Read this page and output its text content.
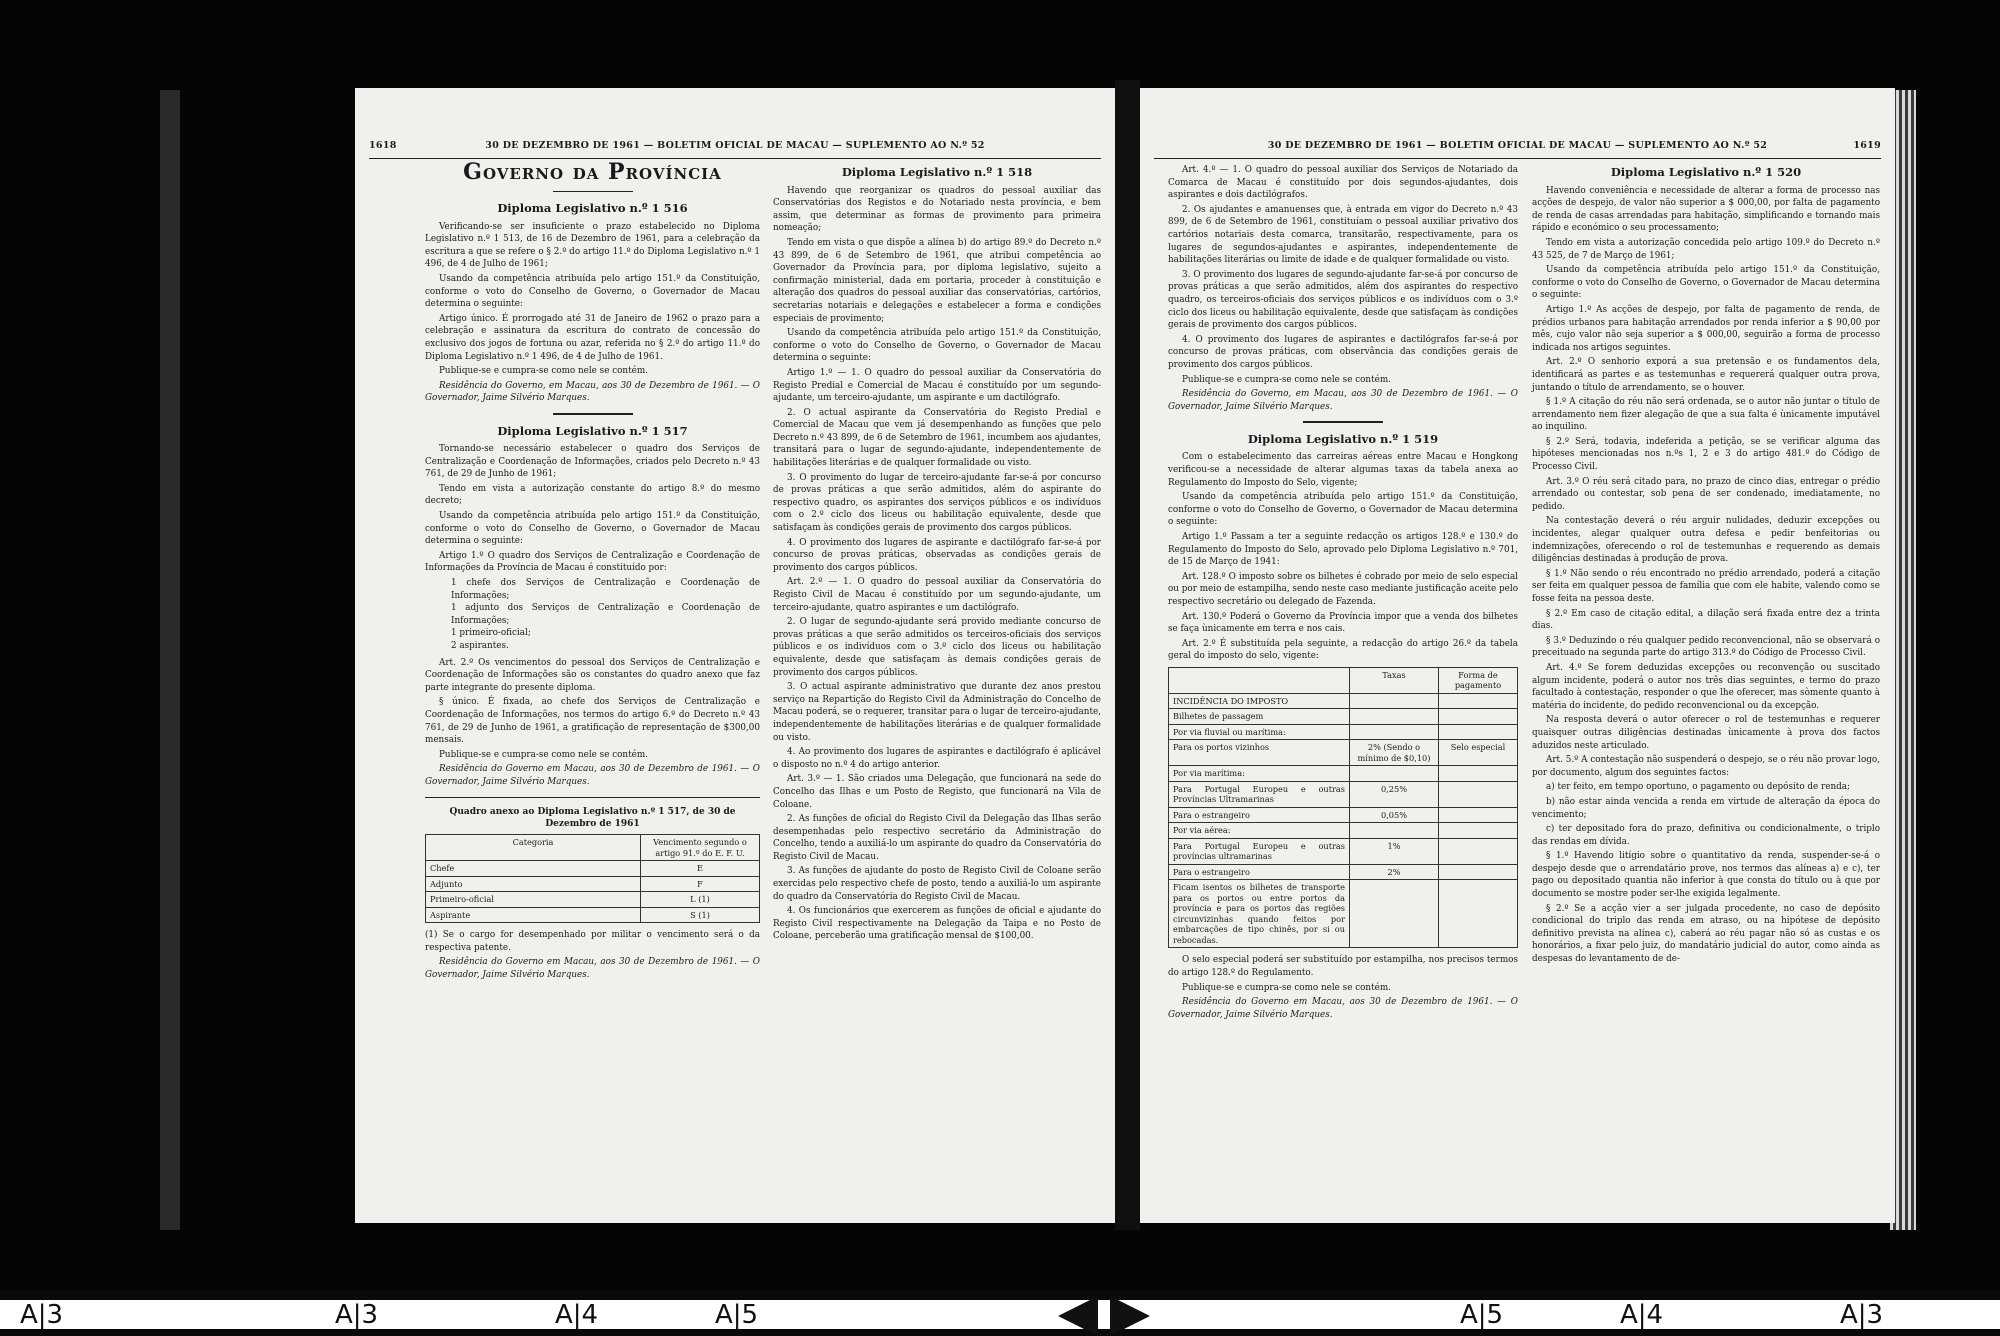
1618	30 DE DEZEMBRO DE 1961 — BOLETIM OFICIAL DE MACAU — SUPLEMENTO AO N.º 52
Governo da Província
Diploma Legislativo n.º 1 516

Verificando-se ser insuficiente o prazo estabelecido no Diploma Legislativo n.º 1 513, de 16 de Dezembro de 1961, para a celebração da escritura a que se refere o § 2.º do artigo 11.º do Diploma Legislativo n.º 1 496, de 4 de Julho de 1961;

Usando da competência atribuída pelo artigo 151.º da Constituição, conforme o voto do Conselho de Governo, o Governador de Macau determina o seguinte:

Artigo único. É prorrogado até 31 de Janeiro de 1962 o prazo para a celebração e assinatura da escritura do contrato de concessão do exclusivo dos jogos de fortuna ou azar, referida no § 2.º do artigo 11.º do Diploma Legislativo n.º 1 496, de 4 de Julho de 1961.

Publique-se e cumpra-se como nele se contém.

Residência do Governo, em Macau, aos 30 de Dezembro de 1961. — O Governador, Jaime Silvério Marques.

Diploma Legislativo n.º 1 517

Tornando-se necessário estabelecer o quadro dos Serviços de Centralização e Coordenação de Informações, criados pelo Decreto n.º 43 761, de 29 de Junho de 1961;

Tendo em vista a autorização constante do artigo 8.º do mesmo decreto;

Usando da competência atribuída pelo artigo 151.º da Constituição, conforme o voto do Conselho de Governo, o Governador de Macau determina o seguinte:

Artigo 1.º O quadro dos Serviços de Centralização e Coordenação de Informações da Província de Macau é constituído por:

1 chefe dos Serviços de Centralização e Coordenação de Informações;
1 adjunto dos Serviços de Centralização e Coordenação de Informações;
1 primeiro-oficial;
2 aspirantes.

Art. 2.º Os vencimentos do pessoal dos Serviços de Centralização e Coordenação de Informações são os constantes do quadro anexo que faz parte integrante do presente diploma.

§ único. É fixada, ao chefe dos Serviços de Centralização e Coordenação de Informações, nos termos do artigo 6.º do Decreto n.º 43 761, de 29 de Junho de 1961, a gratificação de representação de $300,00 mensais.

Publique-se e cumpra-se como nele se contém.

Residência do Governo em Macau, aos 30 de Dezembro de 1961. — O Governador, Jaime Silvério Marques.

Quadro anexo ao Diploma Legislativo n.º 1 517, de 30 de Dezembro de 1961
Categoria	Vencimento segundo o artigo 91.º do E. F. U.
Chefe	E
Adjunto	F
Primeiro-oficial	L (1)
Aspirante	S (1)

(1) Se o cargo for desempenhado por militar o vencimento será o da respectiva patente.

Residência do Governo em Macau, aos 30 de Dezembro de 1961. — O Governador, Jaime Silvério Marques.

Diploma Legislativo n.º 1 518

Havendo que reorganizar os quadros do pessoal auxiliar das Conservatórias dos Registos e do Notariado nesta província, e bem assim, que determinar as formas de provimento para primeira nomeação;

Tendo em vista o que dispõe a alínea b) do artigo 89.º do Decreto n.º 43 899, de 6 de Setembro de 1961, que atribui competência ao Governador da Província para, por diploma legislativo, sujeito a confirmação ministerial, dada em portaria, proceder à constituição e alteração dos quadros do pessoal auxiliar das conservatórias, cartórios, secretarias notariais e delegações e estabelecer a forma e condições especiais de provimento;

Usando da competência atribuída pelo artigo 151.º da Constituição, conforme o voto do Conselho de Governo, o Governador de Macau determina o seguinte:

Artigo 1.º — 1. O quadro do pessoal auxiliar da Conservatória do Registo Predial e Comercial de Macau é constituído por um segundo-ajudante, um terceiro-ajudante, um aspirante e um dactilógrafo.

2. O actual aspirante da Conservatória do Registo Predial e Comercial de Macau que vem já desempenhando as funções que pelo Decreto n.º 43 899, de 6 de Setembro de 1961, incumbem aos ajudantes, transitará para o lugar de segundo-ajudante, independentemente de habilitações literárias e de qualquer formalidade ou visto.

3. O provimento do lugar de terceiro-ajudante far-se-á por concurso de provas práticas a que serão admitidos, além do aspirante do respectivo quadro, os aspirantes dos serviços públicos e os indivíduos com o 2.º ciclo dos liceus ou habilitação equivalente, desde que satisfaçam às condições gerais de provimento dos cargos públicos.

4. O provimento dos lugares de aspirante e dactilógrafo far-se-á por concurso de provas práticas, observadas as condições gerais de provimento dos cargos públicos.

Art. 2.º — 1. O quadro do pessoal auxiliar da Conservatória do Registo Civil de Macau é constituído por um segundo-ajudante, um terceiro-ajudante, quatro aspirantes e um dactilógrafo.

2. O lugar de segundo-ajudante será provido mediante concurso de provas práticas a que serão admitidos os terceiros-oficiais dos serviços públicos e os indivíduos com o 3.º ciclo dos liceus ou habilitação equivalente, desde que satisfaçam às demais condições gerais de provimento dos cargos públicos.

3. O actual aspirante administrativo que durante dez anos prestou serviço na Repartição do Registo Civil da Administração do Concelho de Macau poderá, se o requerer, transitar para o lugar de terceiro-ajudante, independentemente de habilitações literárias e de qualquer formalidade ou visto.

4. Ao provimento dos lugares de aspirantes e dactilógrafo é aplicável o disposto no n.º 4 do artigo anterior.

Art. 3.º — 1. São criados uma Delegação, que funcionará na sede do Concelho das Ilhas e um Posto de Registo, que funcionará na Vila de Coloane.

2. As funções de oficial do Registo Civil da Delegação das Ilhas serão desempenhadas pelo respectivo secretário da Administração do Concelho, tendo a auxiliá-lo um aspirante do quadro da Conservatória do Registo Civil de Macau.

3. As funções de ajudante do posto de Registo Civil de Coloane serão exercidas pelo respectivo chefe de posto, tendo a auxiliá-lo um aspirante do quadro da Conservatória do Registo Civil de Macau.

4. Os funcionários que exercerem as funções de oficial e ajudante do Registo Civil respectivamente na Delegação da Taipa e no Posto de Coloane, perceberão uma gratificação mensal de $100,00.

30 DE DEZEMBRO DE 1961 — BOLETIM OFICIAL DE MACAU — SUPLEMENTO AO N.º 52	1619

Art. 4.º — 1. O quadro do pessoal auxiliar dos Serviços de Notariado da Comarca de Macau é constituído por dois segundos-ajudantes, dois aspirantes e dois dactilógrafos.

2. Os ajudantes e amanuenses que, à entrada em vigor do Decreto n.º 43 899, de 6 de Setembro de 1961, constituíam o pessoal auxiliar privativo dos cartórios notariais desta comarca, transitarão, respectivamente, para os lugares de segundos-ajudantes e aspirantes, independentemente de habilitações literárias ou limite de idade e de qualquer formalidade ou visto.

3. O provimento dos lugares de segundo-ajudante far-se-á por concurso de provas práticas a que serão admitidos, além dos aspirantes do respectivo quadro, os terceiros-oficiais dos serviços públicos e os indivíduos com o 3.º ciclo dos liceus ou habilitação equivalente, desde que satisfaçam às condições gerais de provimento dos cargos públicos.

4. O provimento dos lugares de aspirantes e dactilógrafos far-se-á por concurso de provas práticas, com observância das condições gerais de provimento dos cargos públicos.

Publique-se e cumpra-se como nele se contém.

Residência do Governo, em Macau, aos 30 de Dezembro de 1961. — O Governador, Jaime Silvério Marques.

Diploma Legislativo n.º 1 519

Com o estabelecimento das carreiras aéreas entre Macau e Hongkong verificou-se a necessidade de alterar algumas taxas da tabela anexa ao Regulamento do Imposto do Selo, vigente;

Usando da competência atribuída pelo artigo 151.º da Constituição, conforme o voto do Conselho de Governo, o Governador de Macau determina o seguinte:

Artigo 1.º Passam a ter a seguinte redacção os artigos 128.º e 130.º do Regulamento do Imposto do Selo, aprovado pelo Diploma Legislativo n.º 701, de 15 de Março de 1941:

Art. 128.º O imposto sobre os bilhetes é cobrado por meio de selo especial ou por meio de estampilha, sendo neste caso mediante justificação aceite pelo respectivo secretário ou delegado de Fazenda.

Art. 130.º Poderá o Governo da Província impor que a venda dos bilhetes se faça ùnicamente em terra e nos cais.

Art. 2.º É substituída pela seguinte, a redacção do artigo 26.º da tabela geral do imposto do selo, vigente:

	Taxas	Forma de pagamento
INCIDÊNCIA DO IMPOSTO		
Bilhetes de passagem		
Por via fluvial ou marítima:		
Para os portos vizinhos	2% (Sendo o mínimo de $0,10)	Selo especial
Por via marítima:		
Para Portugal Europeu e outras Províncias Ultramarinas	0,25%	
Para o estrangeiro	0,05%	
Por via aérea:		
Para Portugal Europeu e outras províncias ultramarinas	1%	
Para o estrangeiro	2%	
Ficam isentos os bilhetes de transporte para os portos ou entre portos da província e para os portos das regiões circunvizinhas quando feitos por embarcações de tipo chinês, por si ou rebocadas.		

O selo especial poderá ser substituído por estampilha, nos precisos termos do artigo 128.º do Regulamento.

Publique-se e cumpra-se como nele se contém.

Residência do Governo em Macau, aos 30 de Dezembro de 1961. — O Governador, Jaime Silvério Marques.

Diploma Legislativo n.º 1 520

Havendo conveniência e necessidade de alterar a forma de processo nas acções de despejo, de valor não superior a $ 000,00, por falta de pagamento de renda de casas arrendadas para habitação, simplificando e tornando mais rápido e económico o seu processamento;

Tendo em vista a autorização concedida pelo artigo 109.º do Decreto n.º 43 525, de 7 de Março de 1961;

Usando da competência atribuída pelo artigo 151.º da Constituição, conforme o voto do Conselho de Governo, o Governador de Macau determina o seguinte:

Artigo 1.º As acções de despejo, por falta de pagamento de renda, de prédios urbanos para habitação arrendados por renda inferior a $ 90,00 por mês, cujo valor não seja superior a $ 000,00, seguirão a forma de processo indicada nos artigos seguintes.

Art. 2.º O senhorio exporá a sua pretensão e os fundamentos dela, identificará as partes e as testemunhas e requererá qualquer outra prova, juntando o título de arrendamento, se o houver.

§ 1.º A citação do réu não será ordenada, se o autor não juntar o título de arrendamento nem fizer alegação de que a sua falta é ùnicamente imputável ao inquilino.

§ 2.º Será, todavia, indeferida a petição, se se verificar alguma das hipóteses mencionadas nos n.ºs 1, 2 e 3 do artigo 481.º do Código de Processo Civil.

Art. 3.º O réu será citado para, no prazo de cinco dias, entregar o prédio arrendado ou contestar, sob pena de ser condenado, imediatamente, no pedido.

Na contestação deverá o réu arguir nulidades, deduzir excepções ou incidentes, alegar qualquer outra defesa e pedir benfeitorias ou indemnizações, oferecendo o rol de testemunhas e requerendo as demais diligências destinadas à produção de prova.

§ 1.º Não sendo o réu encontrado no prédio arrendado, poderá a citação ser feita em qualquer pessoa de família que com ele habite, valendo como se fosse feita na pessoa deste.

§ 2.º Em caso de citação edital, a dilação será fixada entre dez a trinta dias.

§ 3.º Deduzindo o réu qualquer pedido reconvencional, não se observará o preceituado na segunda parte do artigo 313.º do Código de Processo Civil.

Art. 4.º Se forem deduzidas excepções ou reconvenção ou suscitado algum incidente, poderá o autor nos três dias seguintes, e termo do prazo facultado à contestação, responder o que lhe oferecer, mas sòmente quanto à matéria do incidente, do pedido reconvencional ou da excepção.

Na resposta deverá o autor oferecer o rol de testemunhas e requerer quaisquer outras diligências destinadas ùnicamente à prova dos factos aduzidos neste articulado.

Art. 5.º A contestação não suspenderá o despejo, se o réu não provar logo, por documento, algum dos seguintes factos:

a) ter feito, em tempo oportuno, o pagamento ou depósito de renda;

b) não estar ainda vencida a renda em virtude de alteração da época do vencimento;

c) ter depositado fora do prazo, definitiva ou condicionalmente, o triplo das rendas em dívida.

§ 1.º Havendo litígio sobre o quantitativo da renda, suspender-se-á o despejo desde que o arrendatário prove, nos termos das alíneas a) e c), ter pago ou depositado quantia não inferior à que consta do título ou à que por documento se mostre poder ser-lhe exigida legalmente.

§ 2.º Se a acção vier a ser julgada procedente, no caso de depósito condicional do triplo das renda em atraso, ou na hipótese de depósito definitivo prevista na alínea c), caberá ao réu pagar não só as custas e os honorários, a fixar pelo juiz, do mandatário judicial do autor, como ainda as despesas do levantamento de de-

A|3	A|3	A|4	A|5	A|5	A|4	A|3
